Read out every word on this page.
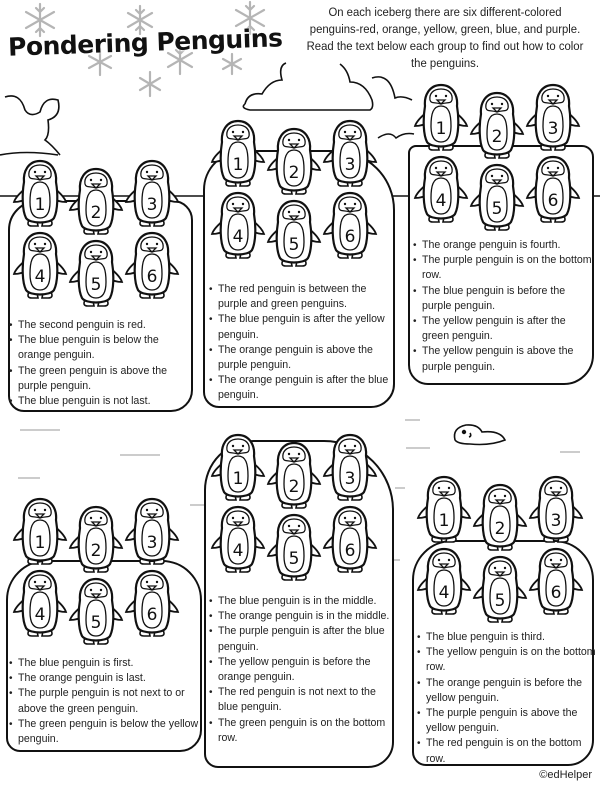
Pondering Penguins
On each iceberg there are six different-colored penguins-red, orange, yellow, green, blue, and purple. Read the text below each group to find out how to color the penguins.
1	2	3
4	5	6
• The second penguin is red.
• The blue penguin is below the orange penguin.
• The green penguin is above the purple penguin.
• The blue penguin is not last.
1	2	3
4	5	6
• The red penguin is between the purple and green penguins.
• The blue penguin is after the yellow penguin.
• The orange penguin is above the purple penguin.
• The orange penguin is after the blue penguin.
1	2	3
4	5	6
• The orange penguin is fourth.
• The purple penguin is on the bottom row.
• The blue penguin is before the purple penguin.
• The yellow penguin is after the green penguin.
• The yellow penguin is above the purple penguin.
1	2	3
4	5	6
• The blue penguin is first.
• The orange penguin is last.
• The purple penguin is not next to or above the green penguin.
• The green penguin is below the yellow penguin.
1	2	3
4	5	6
• The blue penguin is in the middle.
• The orange penguin is in the middle.
• The purple penguin is after the blue penguin.
• The yellow penguin is before the orange penguin.
• The red penguin is not next to the blue penguin.
• The green penguin is on the bottom row.
1	2	3
4	5	6
• The blue penguin is third.
• The yellow penguin is on the bottom row.
• The orange penguin is before the yellow penguin.
• The purple penguin is above the yellow penguin.
• The red penguin is on the bottom row.
©edHelper
